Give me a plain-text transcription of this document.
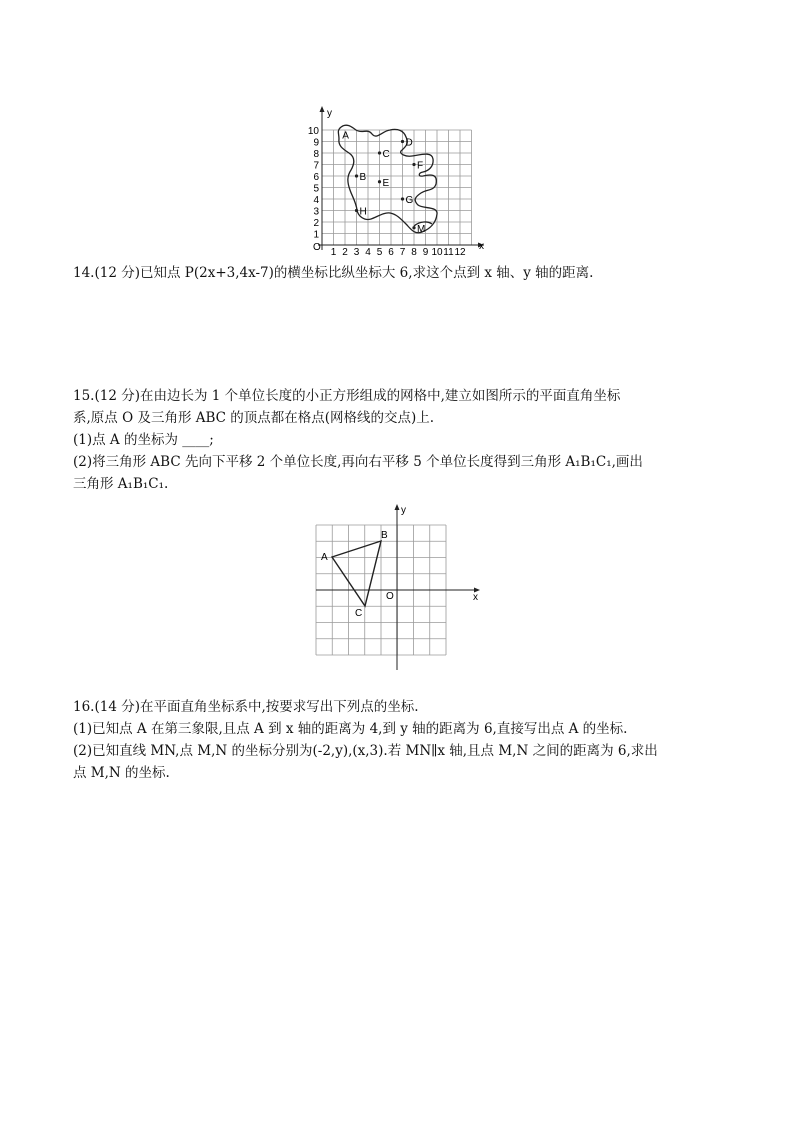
y
x
O 1 2 3 4 5 6 7 8 9 10 11 12
1
2
3
4
5
6
7
8
9
10 A
B
C
D
E
F
G
H
M
14.(12 分)已知点 P(2x+3,4x-7)的横坐标比纵坐标大 6,求这个点到 x 轴、y 轴的距离.
15.(12 分)在由边长为 1 个单位长度的小正方形组成的网格中,建立如图所示的平面直角坐标
系,原点 O 及三角形 ABC 的顶点都在格点(网格线的交点)上.
(1)点 A 的坐标为 ____;
(2)将三角形 ABC 先向下平移 2 个单位长度,再向右平移 5 个单位长度得到三角形 A₁B₁C₁,画出
三角形 A₁B₁C₁.
y
x
O
A
B
C
16.(14 分)在平面直角坐标系中,按要求写出下列点的坐标.
(1)已知点 A 在第三象限,且点 A 到 x 轴的距离为 4,到 y 轴的距离为 6,直接写出点 A 的坐标.
(2)已知直线 MN,点 M,N 的坐标分别为(-2,y),(x,3).若 MN∥x 轴,且点 M,N 之间的距离为 6,求出
点 M,N 的坐标.
